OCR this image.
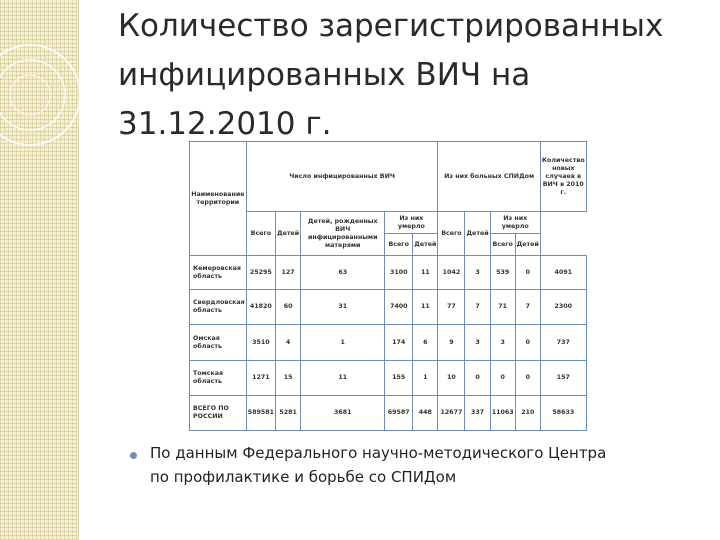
Количество зарегистрированных
инфицированных ВИЧ на
31.12.2010 г.
Наименование территории	Число инфицированных ВИЧ					Из них больных СПИДом				Количество новых случаев в ВИЧ в 2010 г.
	Всего	Детей	Детей, рожденных ВИЧ инфицированными матерями	Из них умерло		Всего	Детей	Из них умерло		
				Всего	Детей			Всего	Детей	
Кемеровская область	25295	127	63	3100	11	1042	3	539	0	4091
Свердловская область	41820	60	31	7400	11	77	7	71	7	2300
Омская область	3510	4	1	174	6	9	3	3	0	737
Томская область	1271	15	11	155	1	10	0	0	0	157
ВСЕГО ПО РОССИИ	589581	5281	3681	69587	448	12677	337	11063	210	58633
По данным Федерального научно-методического Центра
по профилактике и борьбе со СПИДом
